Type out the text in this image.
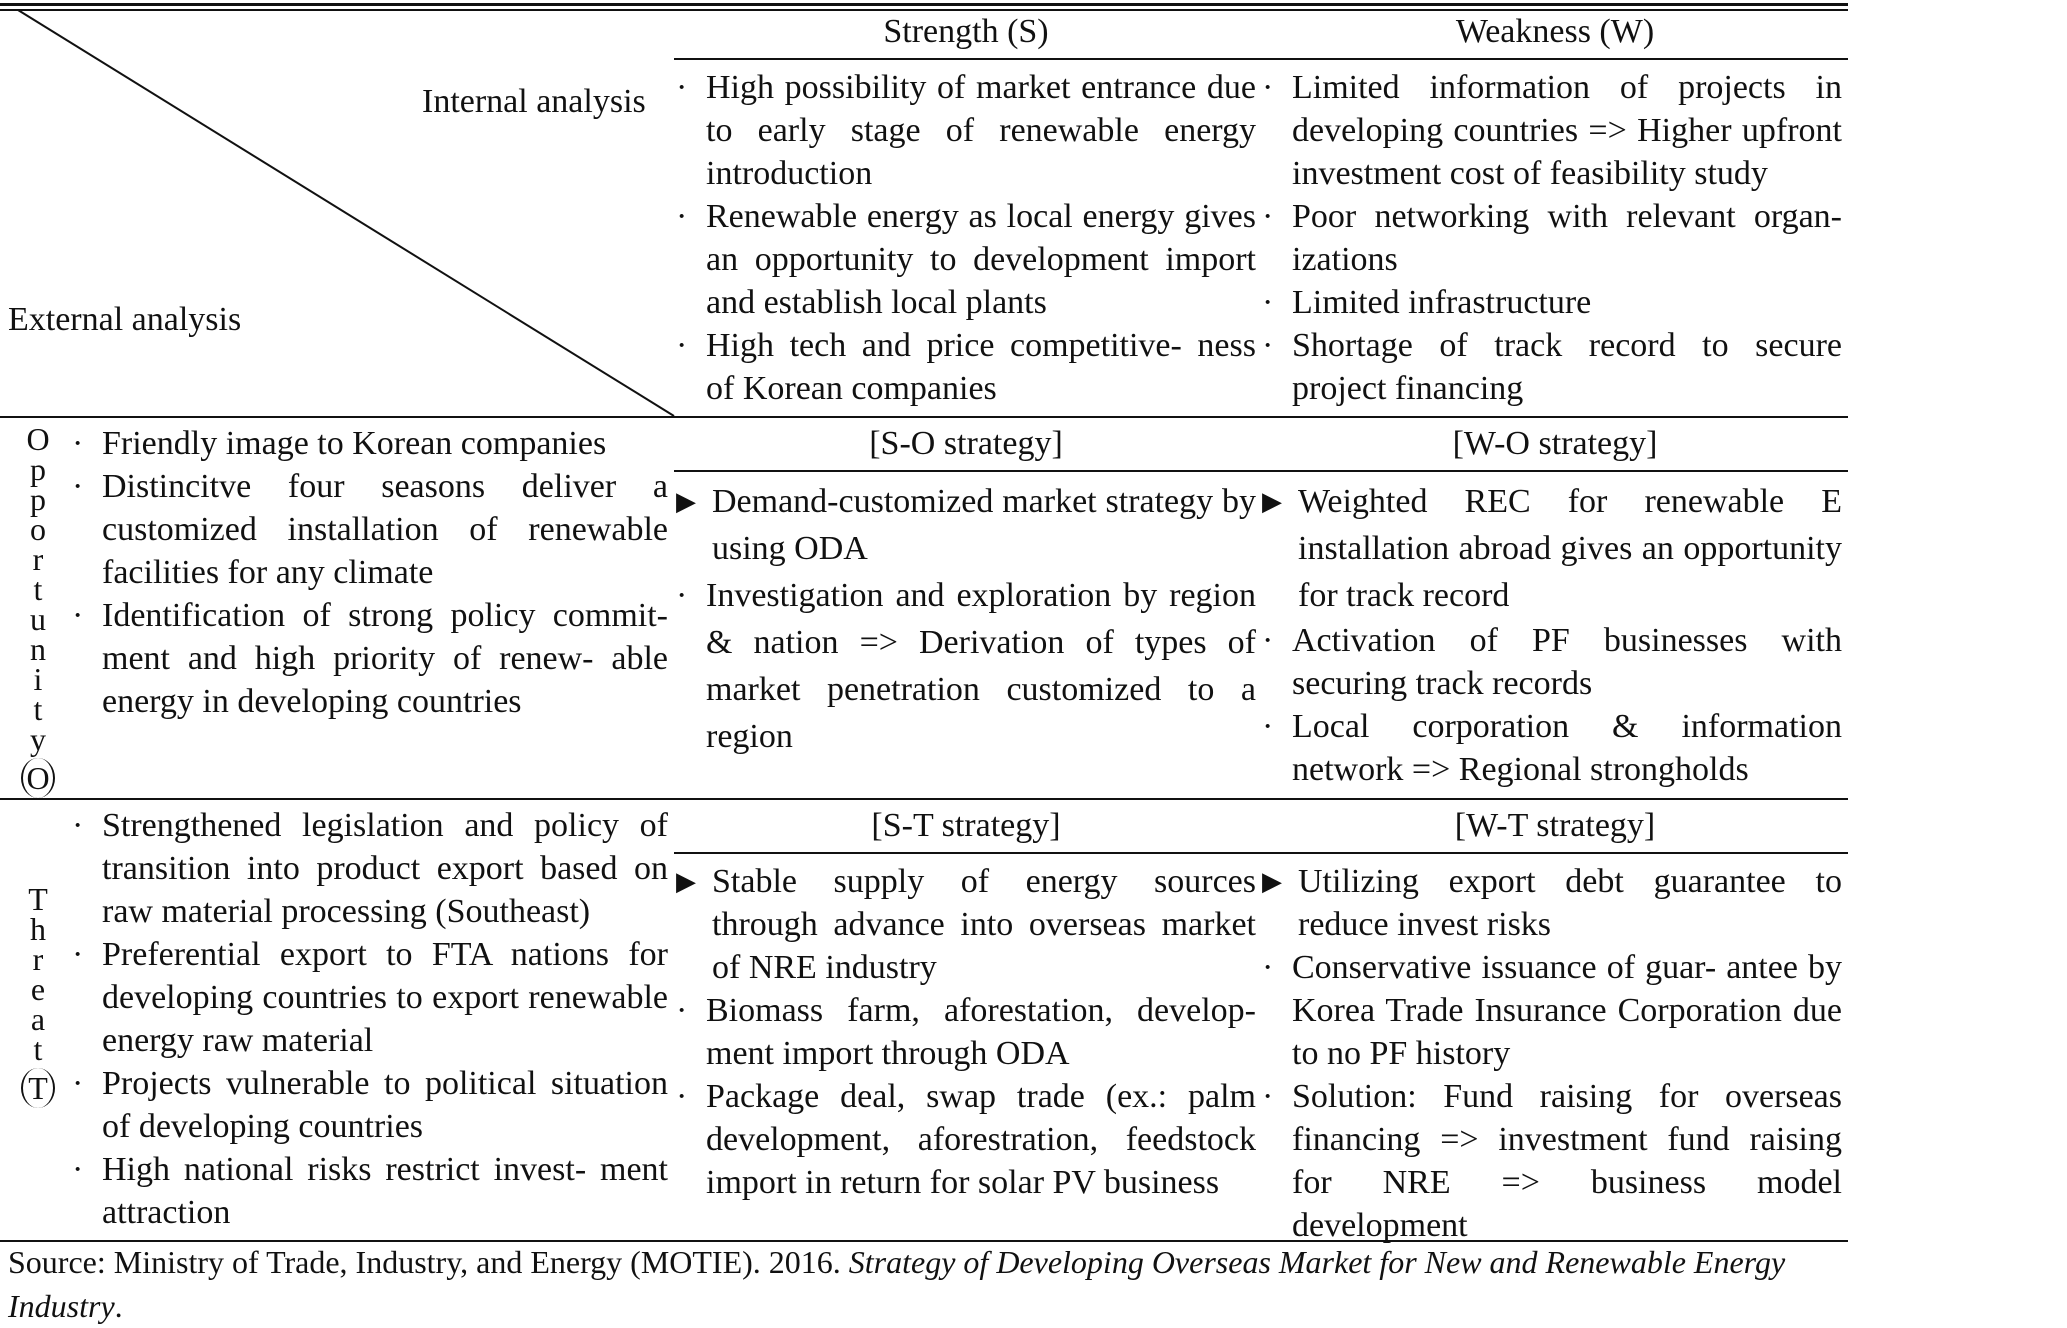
Strength (S)	Weakness (W)
Internal analysis
External analysis
· High possibility of market entrance due to early stage of renewable energy introduction
· Renewable energy as local energy gives an opportunity to development import and establish local plants
· High tech and price competitive- ness of Korean companies
· Limited information of projects in developing countries => Higher upfront investment cost of feasibility study
· Poor networking with relevant organ- izations
· Limited infrastructure
· Shortage of track record to secure project financing
O
p
p
o
r
t
u
n
i
t
y
O
· Friendly image to Korean companies
· Distincitve four seasons deliver a customized installation of renewable facilities for any climate
· Identification of strong policy commit- ment and high priority of renew- able energy in developing countries
[S-O strategy]
▶ Demand-customized market strategy by using ODA
· Investigation and exploration by region & nation => Derivation of types of market penetration customized to a region
[W-O strategy]
▶ Weighted REC for renewable E installation abroad gives an opportunity for track record
· Activation of PF businesses with securing track records
· Local corporation & information network => Regional strongholds
T
h
r
e
a
t
T
· Strengthened legislation and policy of transition into product export based on raw material processing (Southeast)
· Preferential export to FTA nations for developing countries to export renewable energy raw material
· Projects vulnerable to political situation of developing countries
· High national risks restrict invest- ment attraction
[S-T strategy]
▶ Stable supply of energy sources through advance into overseas market of NRE industry
· Biomass farm, aforestation, develop- ment import through ODA
· Package deal, swap trade (ex.: palm development, aforestration, feedstock import in return for solar PV business
[W-T strategy]
▶ Utilizing export debt guarantee to reduce invest risks
· Conservative issuance of guar- antee by Korea Trade Insurance Corporation due to no PF history
· Solution: Fund raising for overseas financing => investment fund raising for NRE => business model development
Source: Ministry of Trade, Industry, and Energy (MOTIE). 2016. Strategy of Developing Overseas Market for New and Renewable Energy Industry.
